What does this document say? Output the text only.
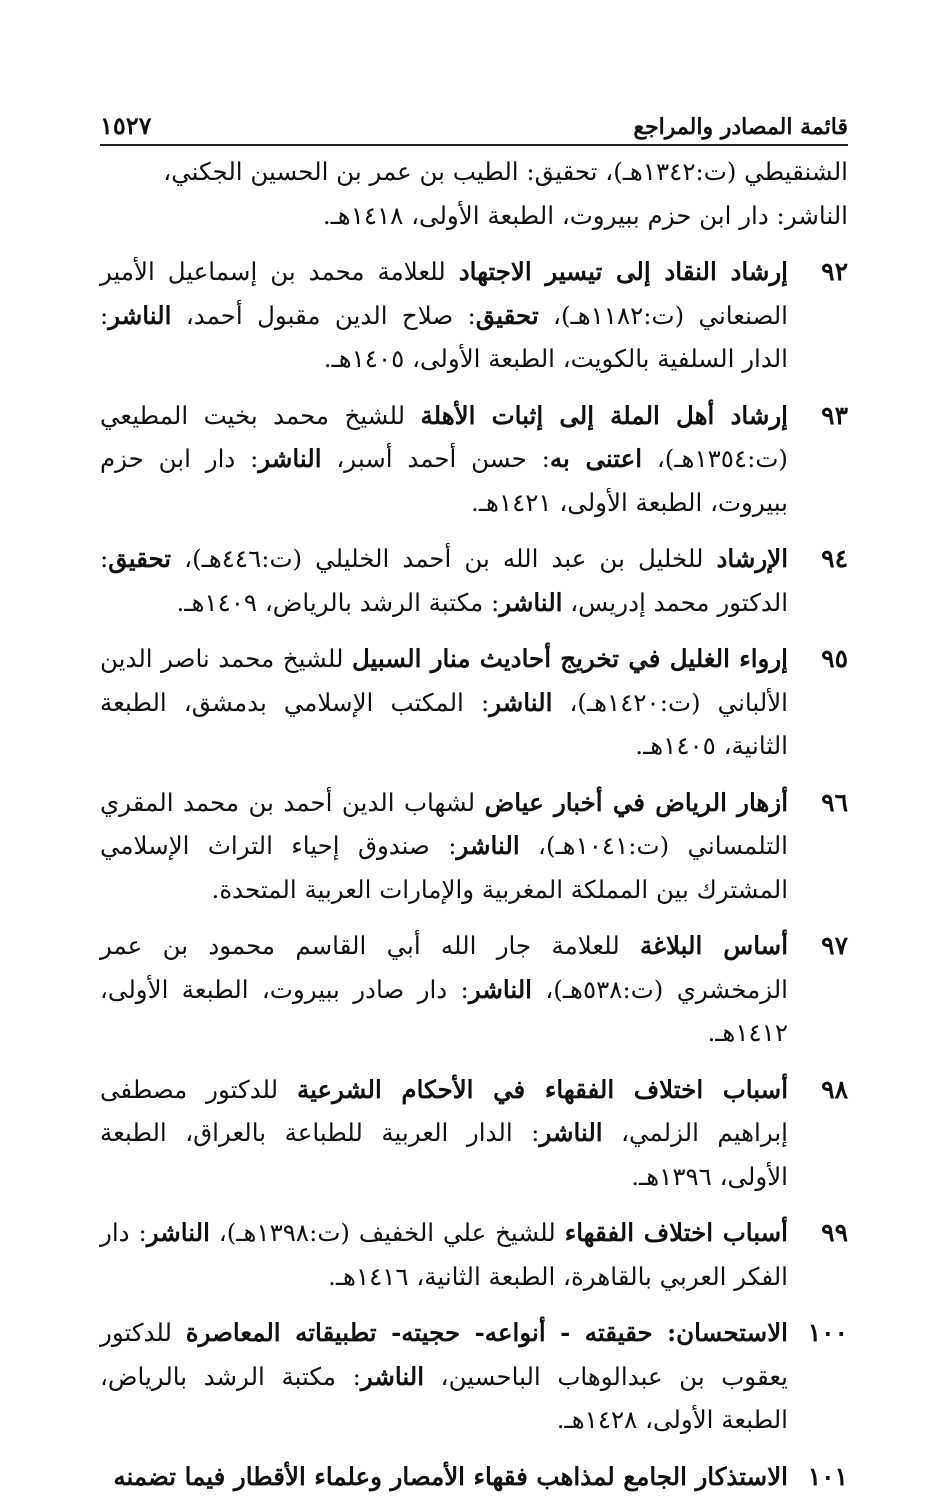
قائمة المصادر والمراجع
١٥٢٧
الشنقيطي (ت:١٣٤٢هـ)، تحقيق: الطيب بن عمر بن الحسين الجكني،
الناشر: دار ابن حزم ببيروت، الطبعة الأولى، ١٤١٨هـ.
٩٢
إرشاد النقاد إلى تيسير الاجتهاد للعلامة محمد بن إسماعيل الأمير الصنعاني (ت:١١٨٢هـ)، تحقيق: صلاح الدين مقبول أحمد، الناشر: الدار السلفية بالكويت، الطبعة الأولى، ١٤٠٥هـ.
٩٣
إرشاد أهل الملة إلى إثبات الأهلة للشيخ محمد بخيت المطيعي (ت:١٣٥٤هـ)، اعتنى به: حسن أحمد أسبر، الناشر: دار ابن حزم ببيروت، الطبعة الأولى، ١٤٢١هـ.
٩٤
الإرشاد للخليل بن عبد الله بن أحمد الخليلي (ت:٤٤٦هـ)، تحقيق: الدكتور محمد إدريس، الناشر: مكتبة الرشد بالرياض، ١٤٠٩هـ.
٩٥
إرواء الغليل في تخريج أحاديث منار السبيل للشيخ محمد ناصر الدين الألباني (ت:١٤٢٠هـ)، الناشر: المكتب الإسلامي بدمشق، الطبعة الثانية، ١٤٠٥هـ.
٩٦
أزهار الرياض في أخبار عياض لشهاب الدين أحمد بن محمد المقري التلمساني (ت:١٠٤١هـ)، الناشر: صندوق إحياء التراث الإسلامي المشترك بين المملكة المغربية والإمارات العربية المتحدة.
٩٧
أساس البلاغة للعلامة جار الله أبي القاسم محمود بن عمر الزمخشري (ت:٥٣٨هـ)، الناشر: دار صادر ببيروت، الطبعة الأولى، ١٤١٢هـ.
٩٨
أسباب اختلاف الفقهاء في الأحكام الشرعية للدكتور مصطفى إبراهيم الزلمي، الناشر: الدار العربية للطباعة بالعراق، الطبعة الأولى، ١٣٩٦هـ.
٩٩
أسباب اختلاف الفقهاء للشيخ علي الخفيف (ت:١٣٩٨هـ)، الناشر: دار الفكر العربي بالقاهرة، الطبعة الثانية، ١٤١٦هـ.
١٠٠
الاستحسان: حقيقته - أنواعه- حجيته- تطبيقاته المعاصرة للدكتور يعقوب بن عبدالوهاب الباحسين، الناشر: مكتبة الرشد بالرياض، الطبعة الأولى، ١٤٢٨هـ.
١٠١
الاستذكار الجامع لمذاهب فقهاء الأمصار وعلماء الأقطار فيما تضمنه
